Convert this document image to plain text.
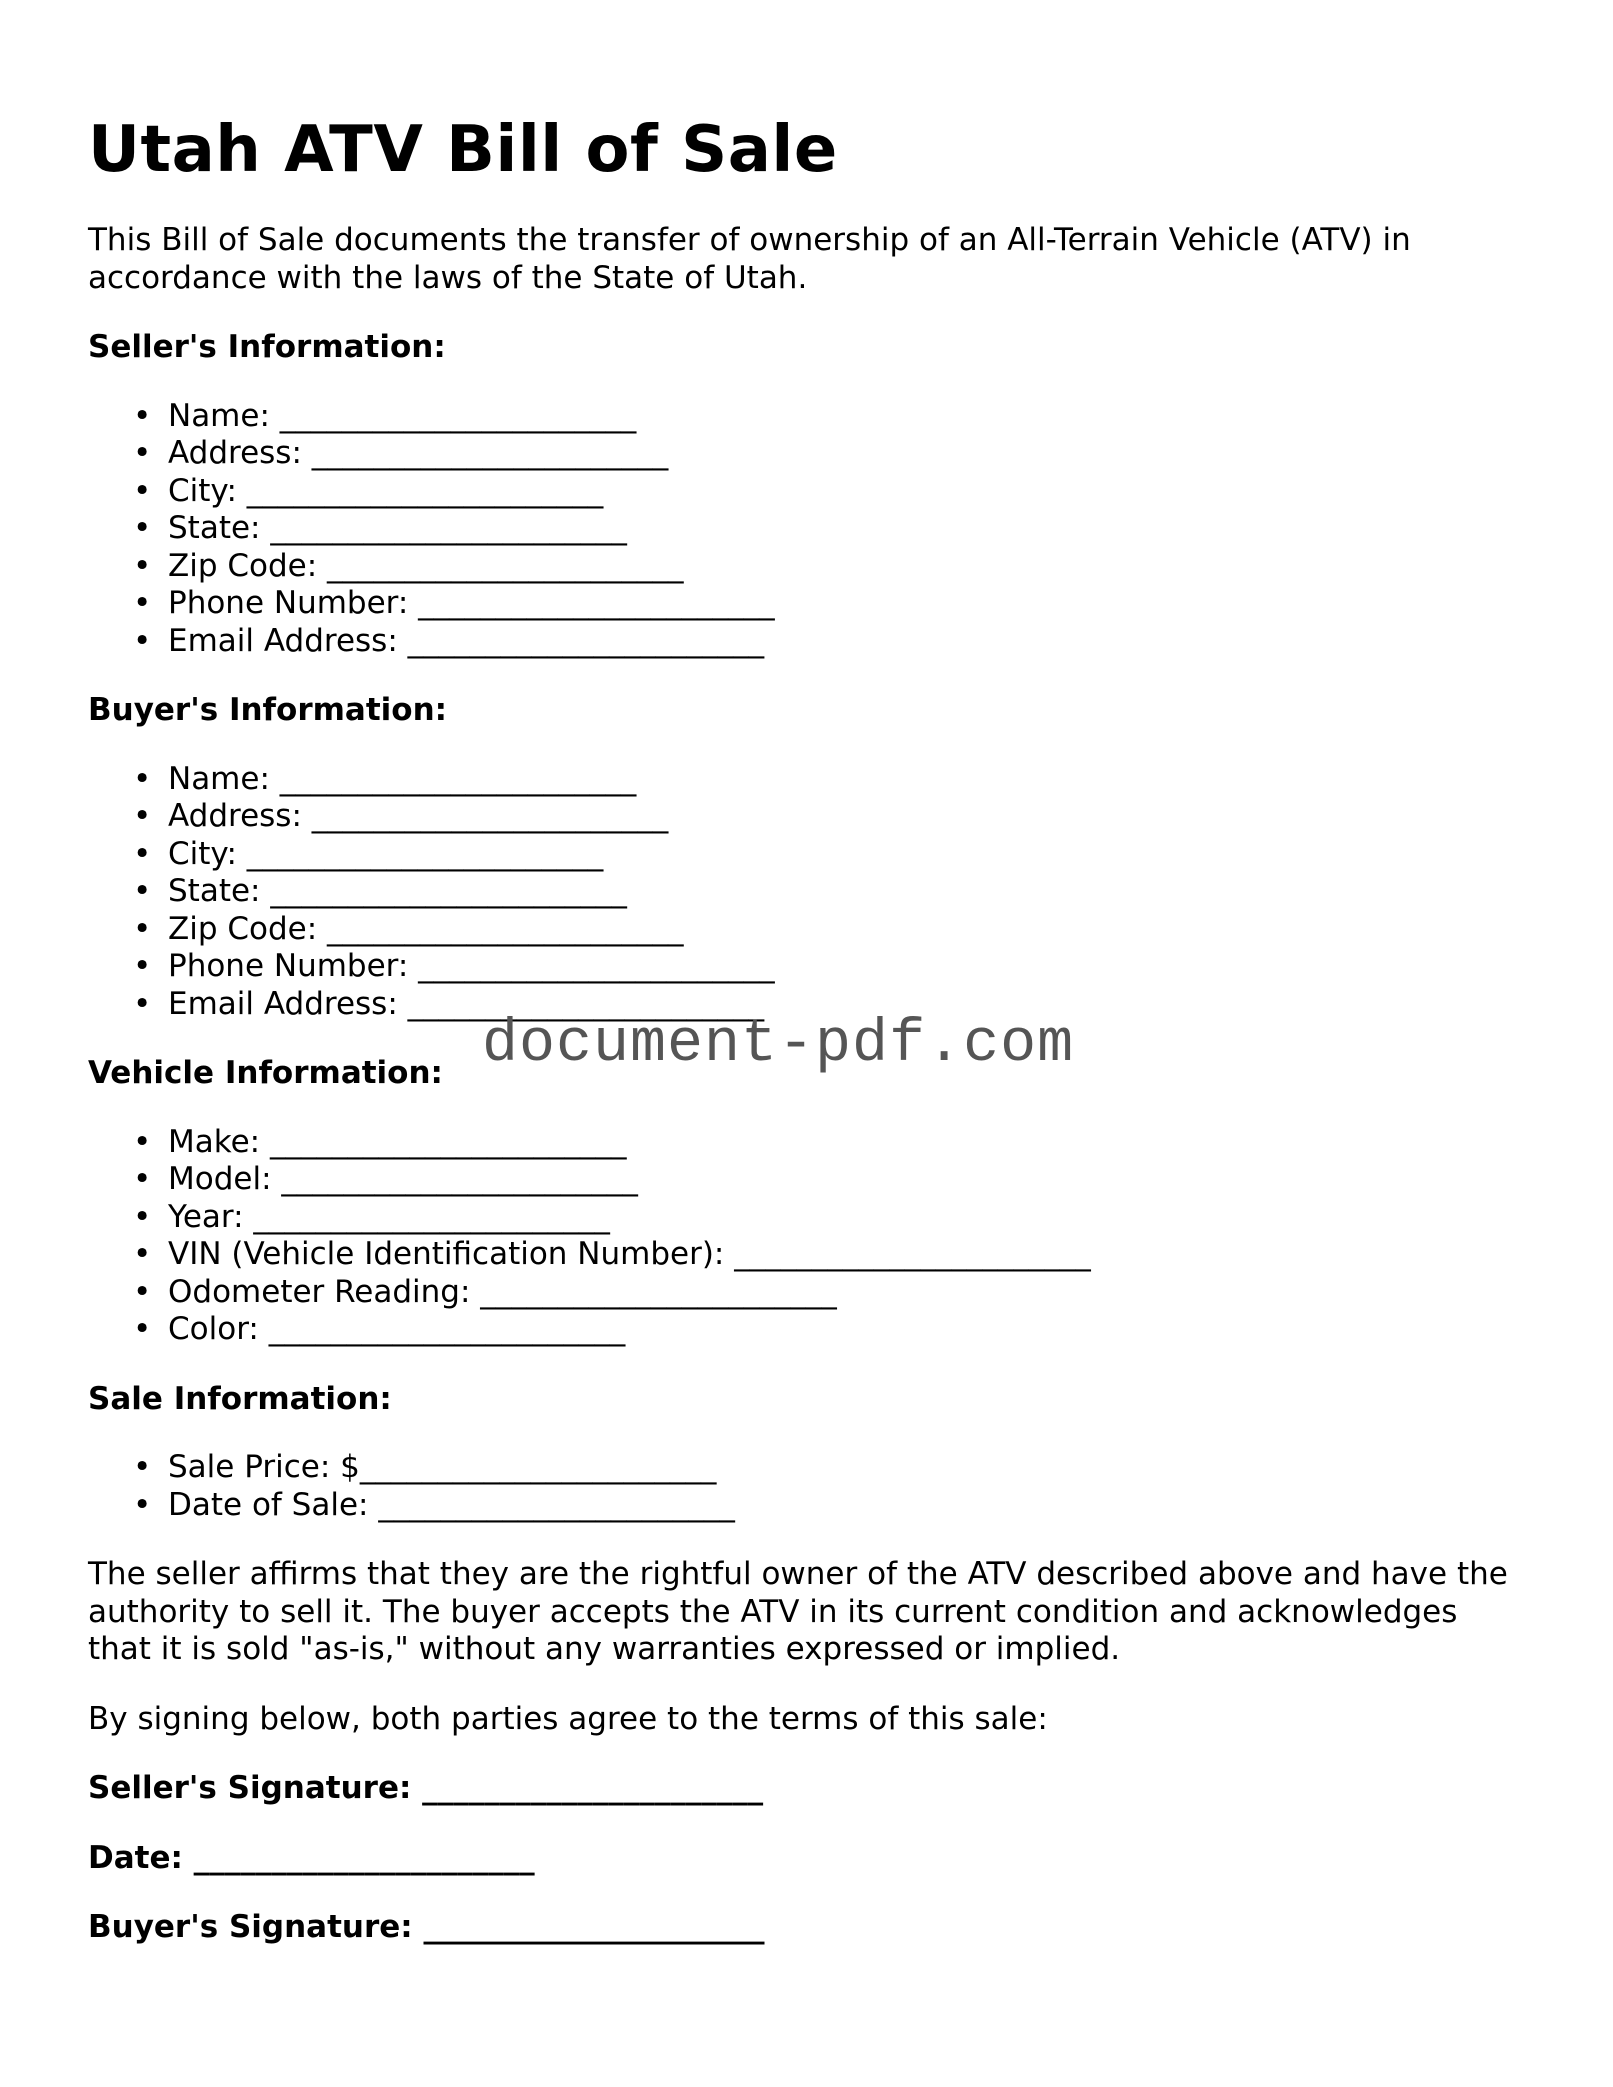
Utah ATV Bill of Sale

This Bill of Sale documents the transfer of ownership of an All-Terrain Vehicle (ATV) in accordance with the laws of the State of Utah.

Seller's Information:
• Name: _______________________
• Address: _______________________
• City: _______________________
• State: _______________________
• Zip Code: _______________________
• Phone Number: _______________________
• Email Address: _______________________
Buyer's Information:
• Name: _______________________
• Address: _______________________
• City: _______________________
• State: _______________________
• Zip Code: _______________________
• Phone Number: _______________________
• Email Address: _______________________
Vehicle Information:
• Make: _______________________
• Model: _______________________
• Year: _______________________
• VIN (Vehicle Identification Number): _______________________
• Odometer Reading: _______________________
• Color: _______________________
Sale Information:
• Sale Price: $_______________________
• Date of Sale: _______________________

The seller affirms that they are the rightful owner of the ATV described above and have the authority to sell it. The buyer accepts the ATV in its current condition and acknowledges that it is sold "as-is," without any warranties expressed or implied.

By signing below, both parties agree to the terms of this sale:

Seller's Signature: ______________________
Date: ______________________
Buyer's Signature: ______________________
document-pdf.com
